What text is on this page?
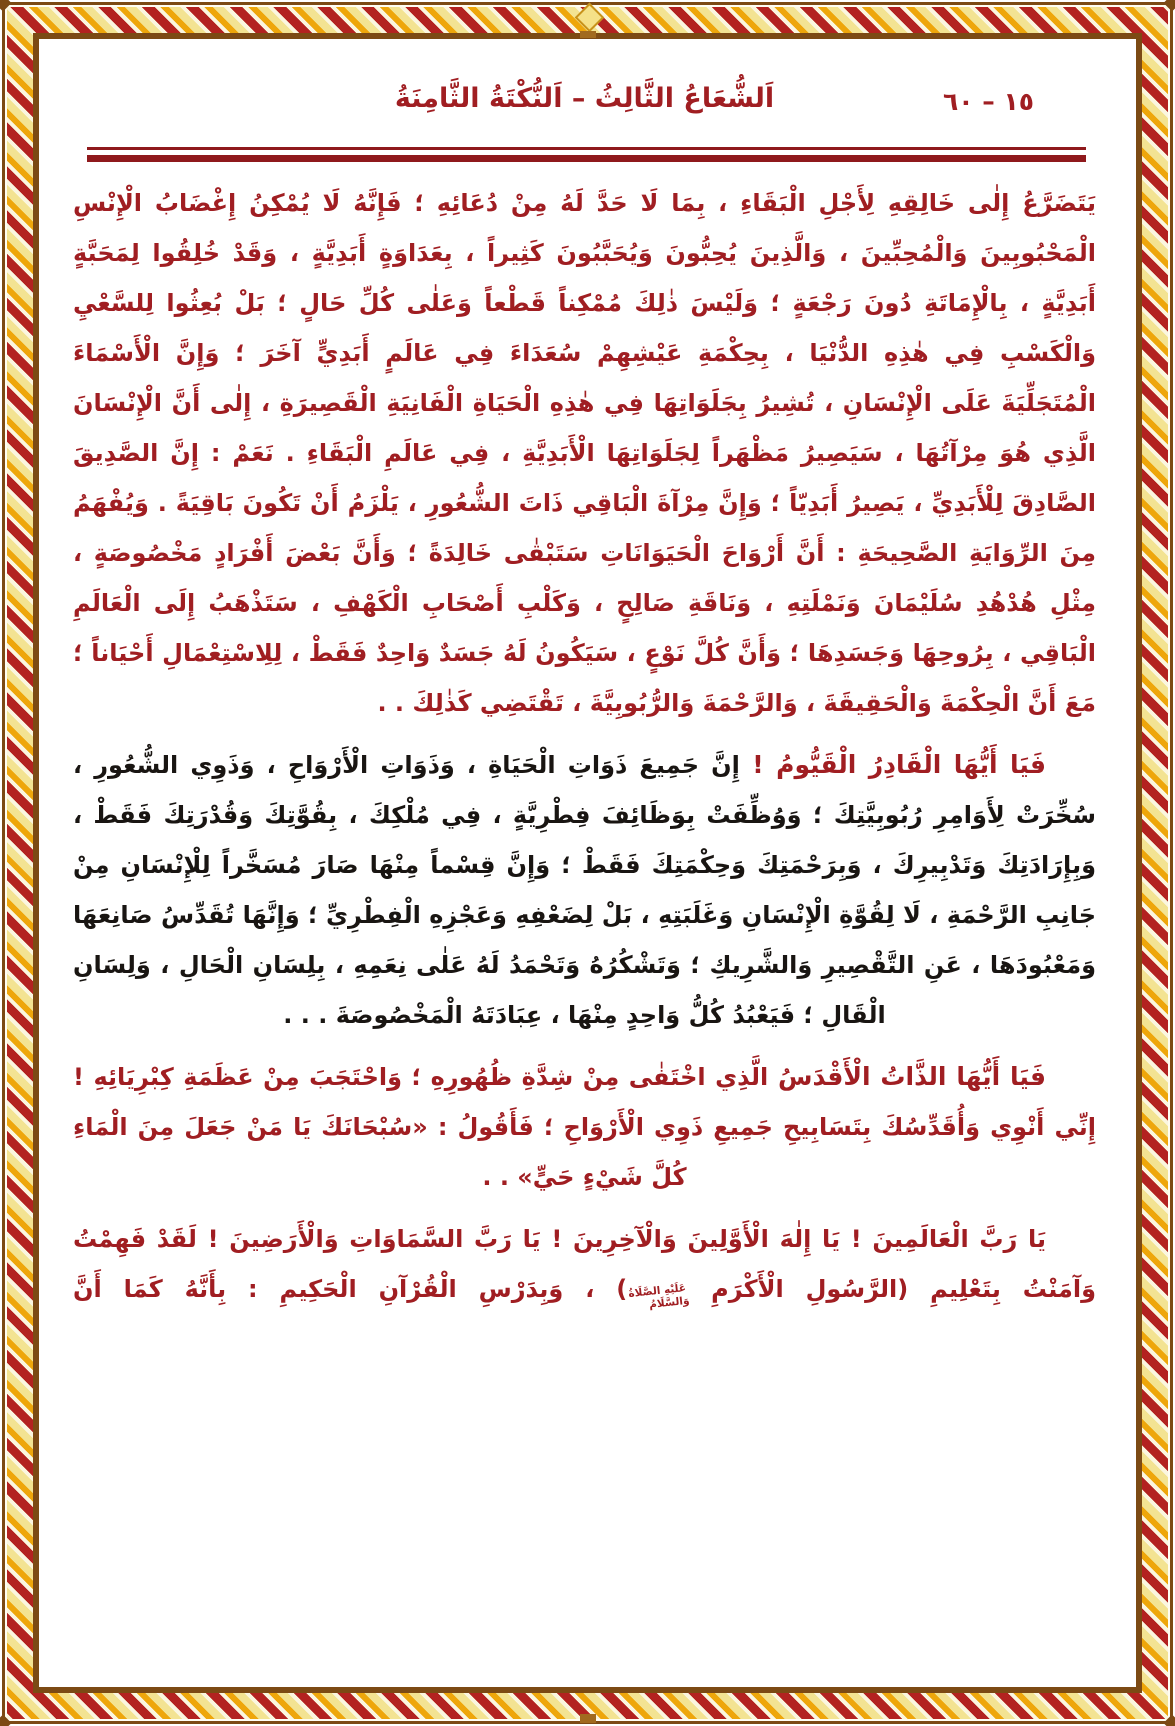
اَلشُّعَاعُ الثَّالِثُ – اَلنُّكْتَةُ الثَّامِنَةُ	١٥ – ٦٠

يَتَضَرَّعُ إِلٰى خَالِقِهِ لِأَجْلِ الْبَقَاءِ ، بِمَا لَا حَدَّ لَهُ مِنْ دُعَائِهِ ؛ فَإِنَّهُ لَا يُمْكِنُ إِغْضَابُ الْإِنْسِ الْمَحْبُوبِينَ وَالْمُحِبِّينَ ، وَالَّذِينَ يُحِبُّونَ وَيُحَبَّبُونَ كَثِيراً ، بِعَدَاوَةٍ أَبَدِيَّةٍ ، وَقَدْ خُلِقُوا لِمَحَبَّةٍ أَبَدِيَّةٍ ، بِالْإِمَاتَةِ دُونَ رَجْعَةٍ ؛ وَلَيْسَ ذٰلِكَ مُمْكِناً قَطْعاً وَعَلٰى كُلِّ حَالٍ ؛ بَلْ بُعِثُوا لِلسَّعْيِ وَالْكَسْبِ فِي هٰذِهِ الدُّنْيَا ، بِحِكْمَةِ عَيْشِهِمْ سُعَدَاءَ فِي عَالَمٍ أَبَدِيٍّ آخَرَ ؛ وَإِنَّ الْأَسْمَاءَ الْمُتَجَلِّيَةَ عَلَى الْإِنْسَانِ ، تُشِيرُ بِجَلَوَاتِهَا فِي هٰذِهِ الْحَيَاةِ الْفَانِيَةِ الْقَصِيرَةِ ، إِلٰى أَنَّ الْإِنْسَانَ الَّذِي هُوَ مِرْآتُهَا ، سَيَصِيرُ مَظْهَراً لِجَلَوَاتِهَا الْأَبَدِيَّةِ ، فِي عَالَمِ الْبَقَاءِ . نَعَمْ : إِنَّ الصَّدِيقَ الصَّادِقَ لِلْأَبَدِيِّ ، يَصِيرُ أَبَدِيّاً ؛ وَإِنَّ مِرْآةَ الْبَاقِي ذَاتَ الشُّعُورِ ، يَلْزَمُ أَنْ تَكُونَ بَاقِيَةً . وَيُفْهَمُ مِنَ الرِّوَايَةِ الصَّحِيحَةِ : أَنَّ أَرْوَاحَ الْحَيَوَانَاتِ سَتَبْقٰى خَالِدَةً ؛ وَأَنَّ بَعْضَ أَفْرَادٍ مَخْصُوصَةٍ ، مِثْلِ هُدْهُدِ سُلَيْمَانَ وَنَمْلَتِهِ ، وَنَاقَةِ صَالِحٍ ، وَكَلْبِ أَصْحَابِ الْكَهْفِ ، سَتَذْهَبُ إِلَى الْعَالَمِ الْبَاقِي ، بِرُوحِهَا وَجَسَدِهَا ؛ وَأَنَّ كُلَّ نَوْعٍ ، سَيَكُونُ لَهُ جَسَدٌ وَاحِدٌ فَقَطْ ، لِلِاسْتِعْمَالِ أَحْيَاناً ؛ مَعَ أَنَّ الْحِكْمَةَ وَالْحَقِيقَةَ ، وَالرَّحْمَةَ وَالرُّبُوبِيَّةَ ، تَقْتَضِي كَذٰلِكَ . .

فَيَا أَيُّهَا الْقَادِرُ الْقَيُّومُ ! إِنَّ جَمِيعَ ذَوَاتِ الْحَيَاةِ ، وَذَوَاتِ الْأَرْوَاحِ ، وَذَوِي الشُّعُورِ ، سُخِّرَتْ لِأَوَامِرِ رُبُوبِيَّتِكَ ؛ وَوُظِّفَتْ بِوَظَائِفَ فِطْرِيَّةٍ ، فِي مُلْكِكَ ، بِقُوَّتِكَ وَقُدْرَتِكَ فَقَطْ ، وَبِإِرَادَتِكَ وَتَدْبِيرِكَ ، وَبِرَحْمَتِكَ وَحِكْمَتِكَ فَقَطْ ؛ وَإِنَّ قِسْماً مِنْهَا صَارَ مُسَخَّراً لِلْإِنْسَانِ مِنْ جَانِبِ الرَّحْمَةِ ، لَا لِقُوَّةِ الْإِنْسَانِ وَغَلَبَتِهِ ، بَلْ لِضَعْفِهِ وَعَجْزِهِ الْفِطْرِيِّ ؛ وَإِنَّهَا تُقَدِّسُ صَانِعَهَا وَمَعْبُودَهَا ، عَنِ التَّقْصِيرِ وَالشَّرِيكِ ؛ وَتَشْكُرُهُ وَتَحْمَدُ لَهُ عَلٰى نِعَمِهِ ، بِلِسَانِ الْحَالِ ، وَلِسَانِ الْقَالِ ؛ فَيَعْبُدُ كُلُّ وَاحِدٍ مِنْهَا ، عِبَادَتَهُ الْمَخْصُوصَةَ . . .

فَيَا أَيُّهَا الذَّاتُ الْأَقْدَسُ الَّذِي اخْتَفٰى مِنْ شِدَّةِ ظُهُورِهِ ؛ وَاحْتَجَبَ مِنْ عَظَمَةِ كِبْرِيَائِهِ ! إِنِّي أَنْوِي وَأُقَدِّسُكَ بِتَسَابِيحِ جَمِيعِ ذَوِي الْأَرْوَاحِ ؛ فَأَقُولُ : «سُبْحَانَكَ يَا مَنْ جَعَلَ مِنَ الْمَاءِ كُلَّ شَيْءٍ حَيٍّ» . .

يَا رَبَّ الْعَالَمِينَ ! يَا إِلٰهَ الْأَوَّلِينَ وَالْآخِرِينَ ! يَا رَبَّ السَّمَاوَاتِ وَالْأَرَضِينَ ! لَقَدْ فَهِمْتُ وَآمَنْتُ بِتَعْلِيمِ (الرَّسُولِ الْأَكْرَمِ عَلَيْهِ الصَّلَاةُ وَالسَّلَامُ) ، وَبِدَرْسِ الْقُرْآنِ الْحَكِيمِ : بِأَنَّهُ كَمَا أَنَّ
